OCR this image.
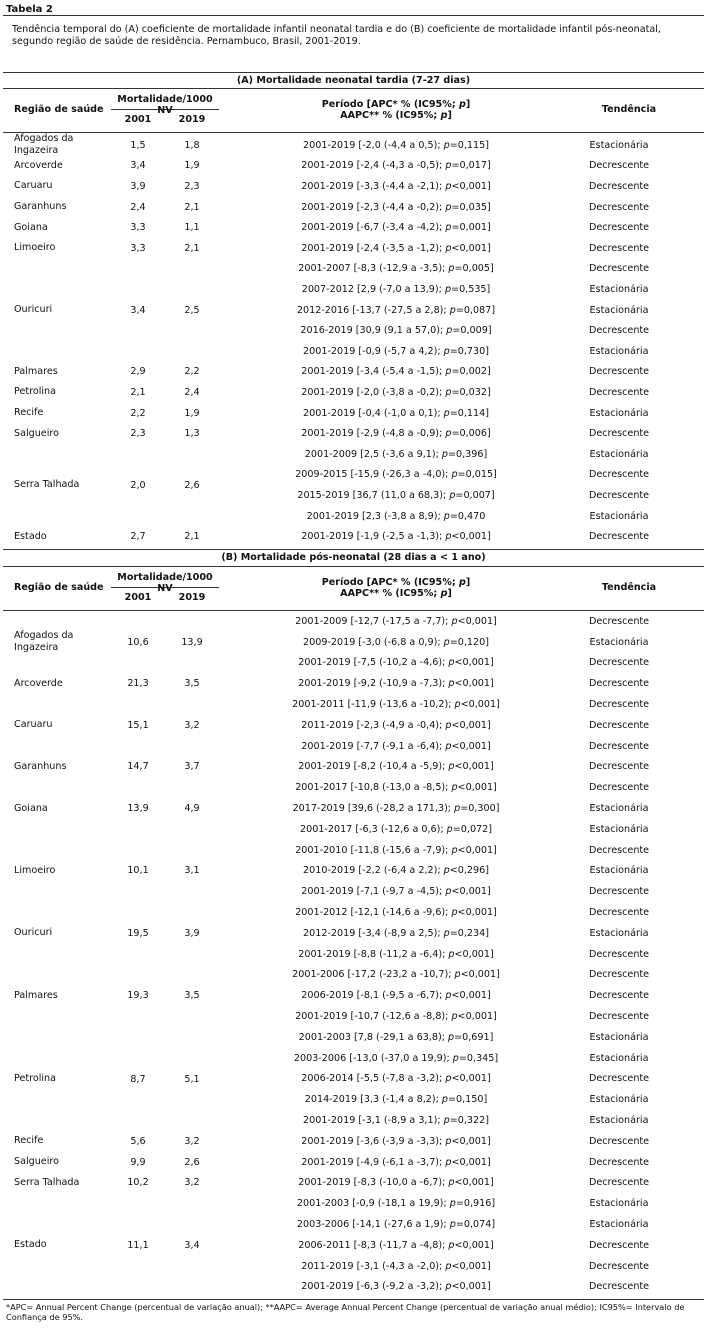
Tabela 2
Tendência temporal do (A) coeficiente de mortalidade infantil neonatal tardia e do (B) coeficiente de mortalidade infantil pós-neonatal, segundo região de saúde de residência. Pernambuco, Brasil, 2001-2019.
(A) Mortalidade neonatal tardia (7-27 dias)
Região de saúde
Mortalidade/1000 NV
2001	2019
Período [APC* % (IC95%; p]
AAPC** % (IC95%; p]
Tendência
Afogados da Ingazeira	1,5	1,8	2001-2019 [-2,0 (-4,4 a 0,5); p=0,115]	Estacionária
Arcoverde	3,4	1,9	2001-2019 [-2,4 (-4,3 a -0,5); p=0,017]	Decrescente
Caruaru	3,9	2,3	2001-2019 [-3,3 (-4,4 a -2,1); p<0,001]	Decrescente
Garanhuns	2,4	2,1	2001-2019 [-2,3 (-4,4 a -0,2); p=0,035]	Decrescente
Goiana	3,3	1,1	2001-2019 [-6,7 (-3,4 a -4,2); p=0,001]	Decrescente
Limoeiro	3,3	2,1	2001-2019 [-2,4 (-3,5 a -1,2); p<0,001]	Decrescente
Ouricuri	3,4	2,5
2001-2007 [-8,3 (-12,9 a -3,5); p=0,005]	Decrescente
2007-2012 [2,9 (-7,0 a 13,9); p=0,535]	Estacionária
2012-2016 [-13,7 (-27,5 a 2,8); p=0,087]	Estacionária
2016-2019 [30,9 (9,1 a 57,0); p=0,009]	Decrescente
2001-2019 [-0,9 (-5,7 a 4,2); p=0,730]	Estacionária
Palmares	2,9	2,2	2001-2019 [-3,4 (-5,4 a -1,5); p=0,002]	Decrescente
Petrolina	2,1	2,4	2001-2019 [-2,0 (-3,8 a -0,2); p=0,032]	Decrescente
Recife	2,2	1,9	2001-2019 [-0,4 (-1,0 a 0,1); p=0,114]	Estacionária
Salgueiro	2,3	1,3	2001-2019 [-2,9 (-4,8 a -0,9); p=0,006]	Decrescente
Serra Talhada	2,0	2,6
2001-2009 [2,5 (-3,6 a 9,1); p=0,396]	Estacionária
2009-2015 [-15,9 (-26,3 a -4,0); p=0,015]	Decrescente
2015-2019 [36,7 (11,0 a 68,3); p=0,007]	Decrescente
2001-2019 [2,3 (-3,8 a 8,9); p=0,470	Estacionária
Estado	2,7	2,1	2001-2019 [-1,9 (-2,5 a -1,3); p<0,001]	Decrescente
(B) Mortalidade pós-neonatal (28 dias a < 1 ano)
Região de saúde
Mortalidade/1000 NV
2001	2019
Período [APC* % (IC95%; p]
AAPC** % (IC95%; p]
Tendência
Afogados da Ingazeira	10,6	13,9
2001-2009 [-12,7 (-17,5 a -7,7); p<0,001]	Decrescente
2009-2019 [-3,0 (-6,8 a 0,9); p=0,120]	Estacionária
2001-2019 [-7,5 (-10,2 a -4,6); p<0,001]	Decrescente
Arcoverde	21,3	3,5	2001-2019 [-9,2 (-10,9 a -7,3); p<0,001]	Decrescente
Caruaru	15,1	3,2
2001-2011 [-11,9 (-13,6 a -10,2); p<0,001]	Decrescente
2011-2019 [-2,3 (-4,9 a -0,4); p<0,001]	Decrescente
2001-2019 [-7,7 (-9,1 a -6,4); p<0,001]	Decrescente
Garanhuns	14,7	3,7	2001-2019 [-8,2 (-10,4 a -5,9); p<0,001]	Decrescente
Goiana	13,9	4,9
2001-2017 [-10,8 (-13,0 a -8,5); p<0,001]	Decrescente
2017-2019 [39,6 (-28,2 a 171,3); p=0,300]	Estacionária
2001-2017 [-6,3 (-12,6 a 0,6); p=0,072]	Estacionária
Limoeiro	10,1	3,1
2001-2010 [-11,8 (-15,6 a -7,9); p<0,001]	Decrescente
2010-2019 [-2,2 (-6,4 a 2,2); p<0,296]	Estacionária
2001-2019 [-7,1 (-9,7 a -4,5); p<0,001]	Decrescente
Ouricuri	19,5	3,9
2001-2012 [-12,1 (-14,6 a -9,6); p<0,001]	Decrescente
2012-2019 [-3,4 (-8,9 a 2,5); p=0,234]	Estacionária
2001-2019 [-8,8 (-11,2 a -6,4); p<0,001]	Decrescente
Palmares	19,3	3,5
2001-2006 [-17,2 (-23,2 a -10,7); p<0,001]	Decrescente
2006-2019 [-8,1 (-9,5 a -6,7); p<0,001]	Decrescente
2001-2019 [-10,7 (-12,6 a -8,8); p<0,001]	Decrescente
Petrolina	8,7	5,1
2001-2003 [7,8 (-29,1 a 63,8); p=0,691]	Estacionária
2003-2006 [-13,0 (-37,0 a 19,9); p=0,345]	Estacionária
2006-2014 [-5,5 (-7,8 a -3,2); p<0,001]	Decrescente
2014-2019 [3,3 (-1,4 a 8,2); p=0,150]	Estacionária
2001-2019 [-3,1 (-8,9 a 3,1); p=0,322]	Estacionária
Recife	5,6	3,2	2001-2019 [-3,6 (-3,9 a -3,3); p<0,001]	Decrescente
Salgueiro	9,9	2,6	2001-2019 [-4,9 (-6,1 a -3,7); p<0,001]	Decrescente
Serra Talhada	10,2	3,2	2001-2019 [-8,3 (-10,0 a -6,7); p<0,001]	Decrescente
Estado	11,1	3,4
2001-2003 [-0,9 (-18,1 a 19,9); p=0,916]	Estacionária
2003-2006 [-14,1 (-27,6 a 1,9); p=0,074]	Estacionária
2006-2011 [-8,3 (-11,7 a -4,8); p<0,001]	Decrescente
2011-2019 [-3,1 (-4,3 a -2,0); p<0,001]	Decrescente
2001-2019 [-6,3 (-9,2 a -3,2); p<0,001]	Decrescente
*APC= Annual Percent Change (percentual de variação anual); **AAPC= Average Annual Percent Change (percentual de variação anual médio); IC95%= Intervalo de Confiança de 95%.
